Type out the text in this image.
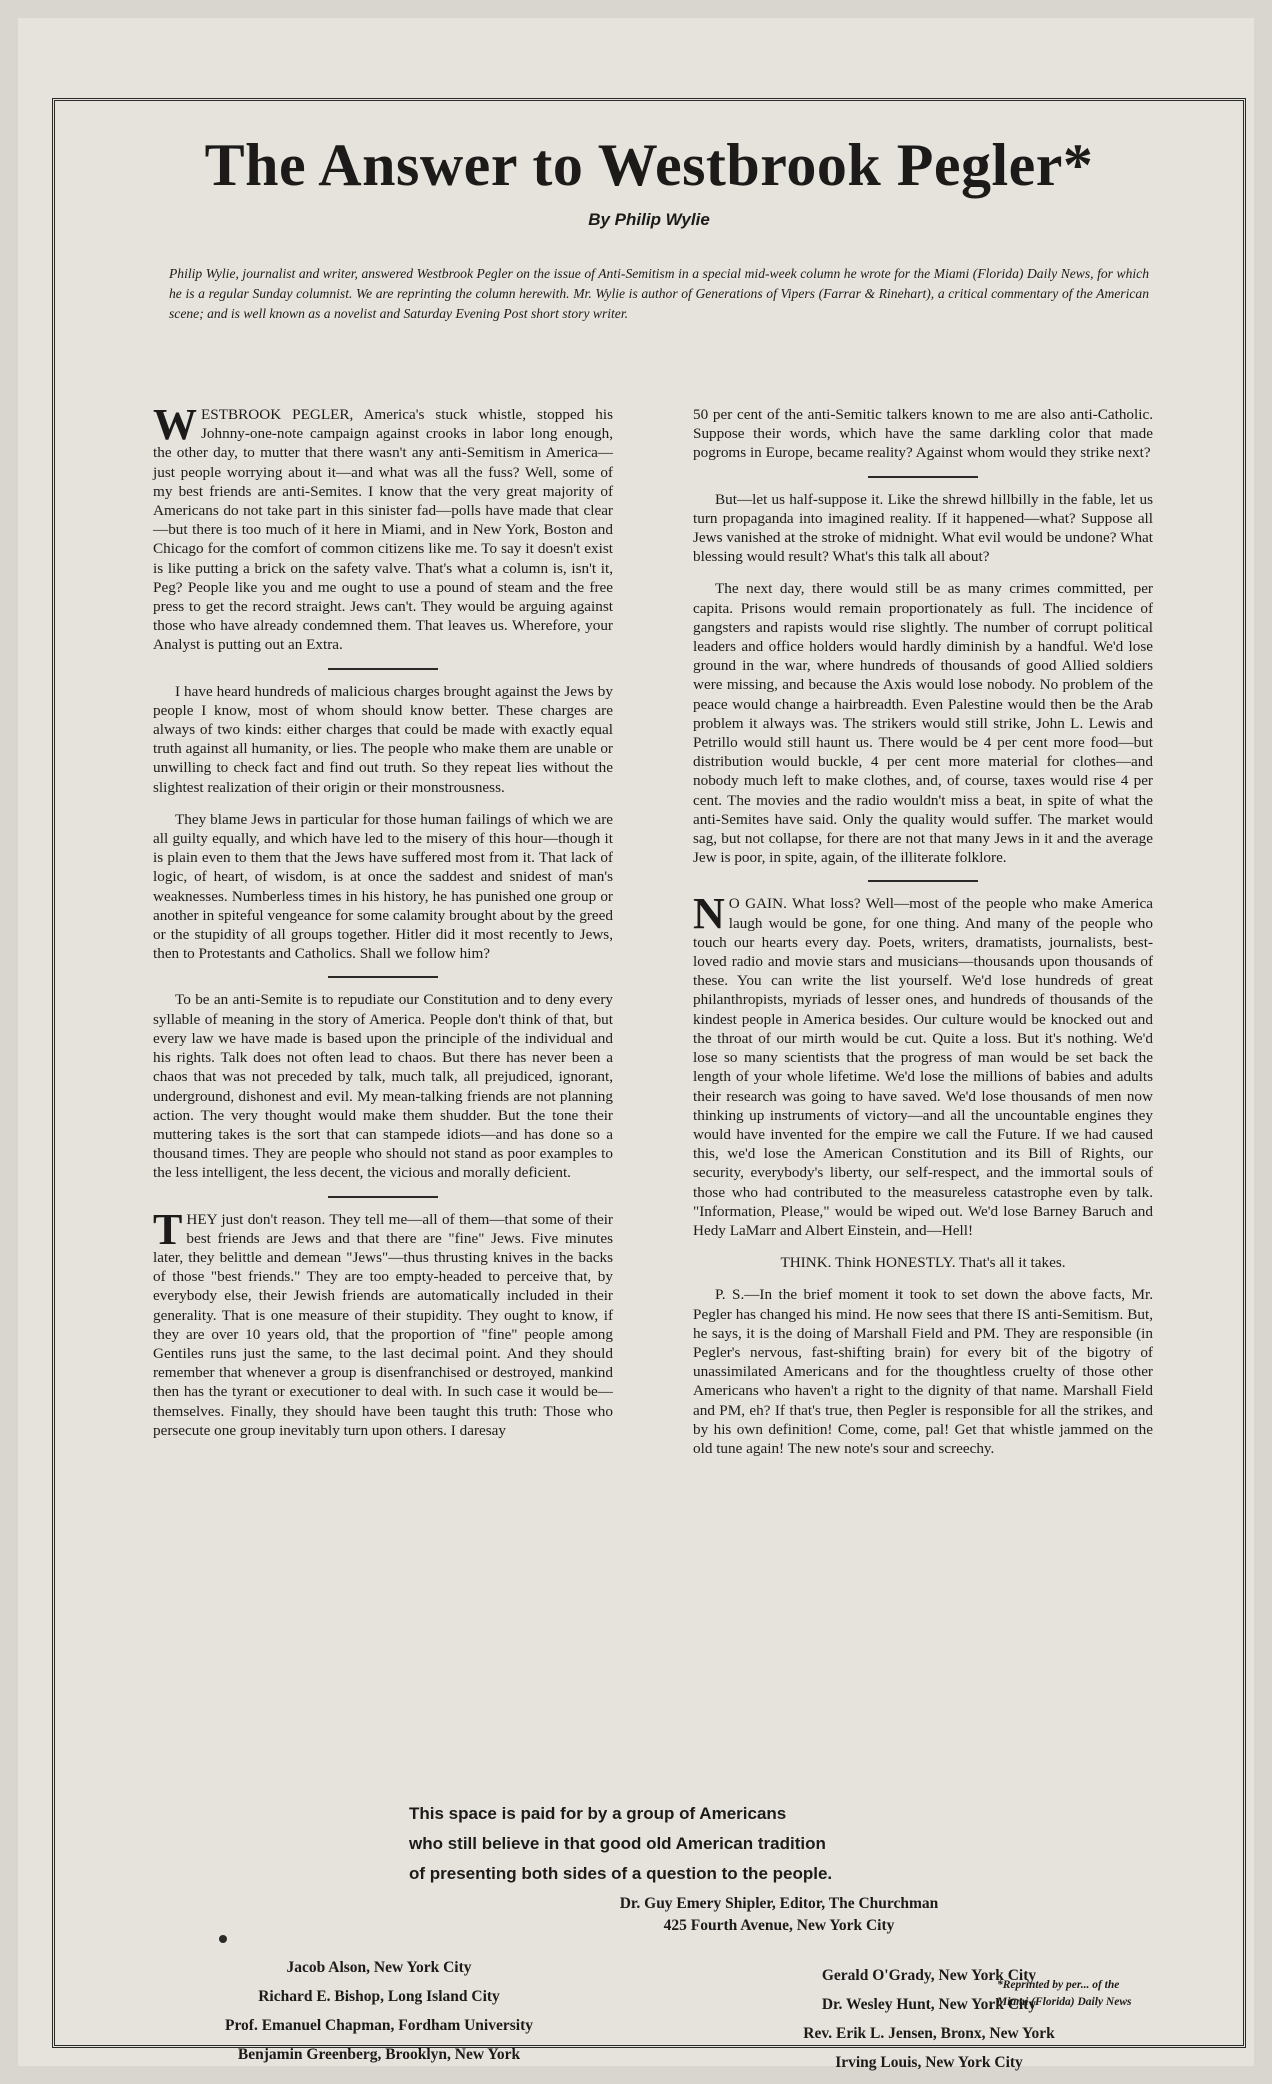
The Answer to Westbrook Pegler*
By Philip Wylie
Philip Wylie, journalist and writer, answered Westbrook Pegler on the issue of Anti-Semitism in a special mid-week column he wrote for the Miami (Florida) Daily News, for which he is a regular Sunday columnist. We are reprinting the column herewith. Mr. Wylie is author of Generations of Vipers (Farrar & Rinehart), a critical commentary of the American scene; and is well known as a novelist and Saturday Evening Post short story writer.

WESTBROOK PEGLER, America's stuck whistle, stopped his Johnny-one-note campaign against crooks in labor long enough, the other day, to mutter that there wasn't any anti-Semitism in America—just people worrying about it—and what was all the fuss? Well, some of my best friends are anti-Semites. I know that the very great majority of Americans do not take part in this sinister fad—polls have made that clear—but there is too much of it here in Miami, and in New York, Boston and Chicago for the comfort of common citizens like me. To say it doesn't exist is like putting a brick on the safety valve. That's what a column is, isn't it, Peg? People like you and me ought to use a pound of steam and the free press to get the record straight. Jews can't. They would be arguing against those who have already condemned them. That leaves us. Wherefore, your Analyst is putting out an Extra.

I have heard hundreds of malicious charges brought against the Jews by people I know, most of whom should know better. These charges are always of two kinds: either charges that could be made with exactly equal truth against all humanity, or lies. The people who make them are unable or unwilling to check fact and find out truth. So they repeat lies without the slightest realization of their origin or their monstrousness.

They blame Jews in particular for those human failings of which we are all guilty equally, and which have led to the misery of this hour—though it is plain even to them that the Jews have suffered most from it. That lack of logic, of heart, of wisdom, is at once the saddest and snidest of man's weaknesses. Numberless times in his history, he has punished one group or another in spiteful vengeance for some calamity brought about by the greed or the stupidity of all groups together. Hitler did it most recently to Jews, then to Protestants and Catholics. Shall we follow him?

To be an anti-Semite is to repudiate our Constitution and to deny every syllable of meaning in the story of America. People don't think of that, but every law we have made is based upon the principle of the individual and his rights. Talk does not often lead to chaos. But there has never been a chaos that was not preceded by talk, much talk, all prejudiced, ignorant, underground, dishonest and evil. My mean-talking friends are not planning action. The very thought would make them shudder. But the tone their muttering takes is the sort that can stampede idiots—and has done so a thousand times. They are people who should not stand as poor examples to the less intelligent, the less decent, the vicious and morally deficient.

THEY just don't reason. They tell me—all of them—that some of their best friends are Jews and that there are "fine" Jews. Five minutes later, they belittle and demean "Jews"—thus thrusting knives in the backs of those "best friends." They are too empty-headed to perceive that, by everybody else, their Jewish friends are automatically included in their generality. That is one measure of their stupidity. They ought to know, if they are over 10 years old, that the proportion of "fine" people among Gentiles runs just the same, to the last decimal point. And they should remember that whenever a group is disenfranchised or destroyed, mankind then has the tyrant or executioner to deal with. In such case it would be—themselves. Finally, they should have been taught this truth: Those who persecute one group inevitably turn upon others. I daresay

50 per cent of the anti-Semitic talkers known to me are also anti-Catholic. Suppose their words, which have the same darkling color that made pogroms in Europe, became reality? Against whom would they strike next?

But—let us half-suppose it. Like the shrewd hillbilly in the fable, let us turn propaganda into imagined reality. If it happened—what? Suppose all Jews vanished at the stroke of midnight. What evil would be undone? What blessing would result? What's this talk all about?

The next day, there would still be as many crimes committed, per capita. Prisons would remain proportionately as full. The incidence of gangsters and rapists would rise slightly. The number of corrupt political leaders and office holders would hardly diminish by a handful. We'd lose ground in the war, where hundreds of thousands of good Allied soldiers were missing, and because the Axis would lose nobody. No problem of the peace would change a hairbreadth. Even Palestine would then be the Arab problem it always was. The strikers would still strike, John L. Lewis and Petrillo would still haunt us. There would be 4 per cent more food—but distribution would buckle, 4 per cent more material for clothes—and nobody much left to make clothes, and, of course, taxes would rise 4 per cent. The movies and the radio wouldn't miss a beat, in spite of what the anti-Semites have said. Only the quality would suffer. The market would sag, but not collapse, for there are not that many Jews in it and the average Jew is poor, in spite, again, of the illiterate folklore.

N O GAIN. What loss? Well—most of the people who make America laugh would be gone, for one thing. And many of the people who touch our hearts every day. Poets, writers, dramatists, journalists, best-loved radio and movie stars and musicians—thousands upon thousands of these. You can write the list yourself. We'd lose hundreds of great philanthropists, myriads of lesser ones, and hundreds of thousands of the kindest people in America besides. Our culture would be knocked out and the throat of our mirth would be cut. Quite a loss. But it's nothing. We'd lose so many scientists that the progress of man would be set back the length of your whole lifetime. We'd lose the millions of babies and adults their research was going to have saved. We'd lose thousands of men now thinking up instruments of victory—and all the uncountable engines they would have invented for the empire we call the Future. If we had caused this, we'd lose the American Constitution and its Bill of Rights, our security, everybody's liberty, our self-respect, and the immortal souls of those who had contributed to the measureless catastrophe even by talk. "Information, Please," would be wiped out. We'd lose Barney Baruch and Hedy LaMarr and Albert Einstein, and—Hell!

THINK. Think HONESTLY. That's all it takes.

P. S.—In the brief moment it took to set down the above facts, Mr. Pegler has changed his mind. He now sees that there IS anti-Semitism. But, he says, it is the doing of Marshall Field and PM. They are responsible (in Pegler's nervous, fast-shifting brain) for every bit of the bigotry of unassimilated Americans and for the thoughtless cruelty of those other Americans who haven't a right to the dignity of that name. Marshall Field and PM, eh? If that's true, then Pegler is responsible for all the strikes, and by his own definition! Come, come, pal! Get that whistle jammed on the old tune again! The new note's sour and screechy.

This space is paid for by a group of Americans
who still believe in that good old American tradition
of presenting both sides of a question to the people.
Dr. Guy Emery Shipler, Editor, The Churchman
425 Fourth Avenue, New York City
Jacob Alson, New York City
Richard E. Bishop, Long Island City
Prof. Emanuel Chapman, Fordham University
Benjamin Greenberg, Brooklyn, New York
Gerald O'Grady, New York City
Dr. Wesley Hunt, New York City
Rev. Erik L. Jensen, Bronx, New York
Irving Louis, New York City
*Reprinted by per... of the
Miami (Florida) Daily News
